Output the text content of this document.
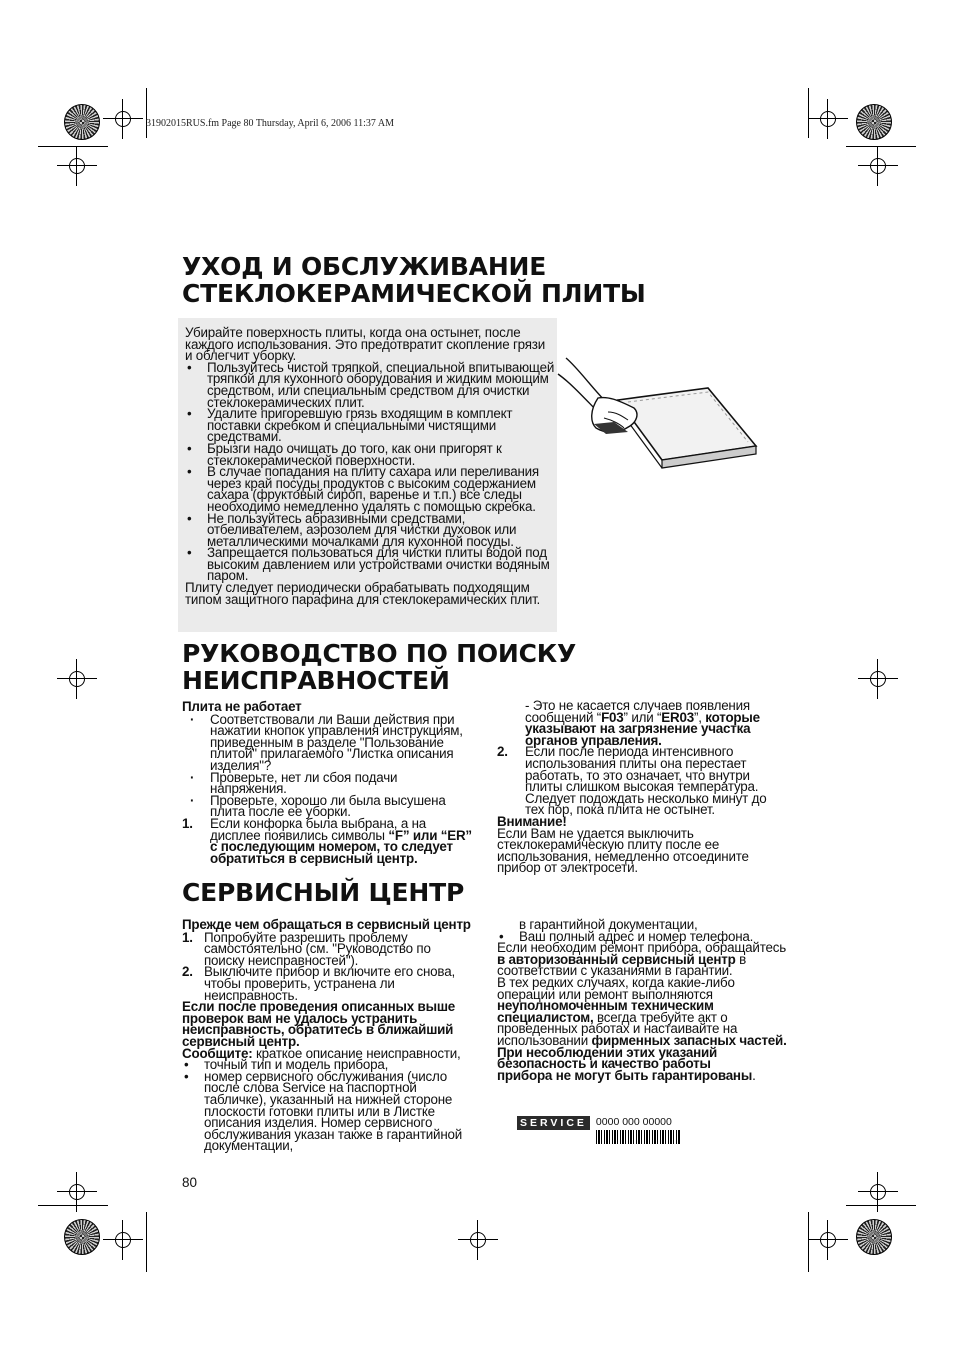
31902015RUS.fm Page 80 Thursday, April 6, 2006 11:37 AM
УХОД И ОБСЛУЖИВАНИЕ
СТЕКЛОКЕРАМИЧЕСКОЙ ПЛИТЫ

Убирайте поверхность плиты, когда она остынет, после каждого использования. Это предотвратит скопление грязи и облегчит уборку.

• Пользуйтесь чистой тряпкой, специальной впитывающей тряпкой для кухонного оборудования и жидким моющим средством, или специальным средством для очистки стеклокерамических плит.
• Удалите пригоревшую грязь входящим в комплект поставки скребком и специальными чистящими средствами.
• Брызги надо очищать до того, как они пригорят к стеклокерамической поверхности.
• В случае попадания на плиту сахара или переливания через край посуды продуктов с высоким содержанием сахара (фруктовый сироп, варенье и т.п.) все следы необходимо немедленно удалять с помощью скребка.
• Не пользуйтесь абразивными средствами, отбеливателем, аэрозолем для чистки духовок или металлическими мочалками для кухонной посуды.
• Запрещается пользоваться для чистки плиты водой под высоким давлением или устройствами очистки водяным паром.

Плиту следует периодически обрабатывать подходящим типом защитного парафина для стеклокерамических плит.

РУКОВОДСТВО ПО ПОИСКУ
НЕИСПРАВНОСТЕЙ

Плита не работает

· Соответствовали ли Ваши действия при нажатии кнопок управления инструкциям, приведенным в разделе "Пользование плитой" прилагаемого "Листка описания изделия"?
· Проверьте, нет ли сбоя подачи напряжения.
· Проверьте, хорошо ли была высушена плита после ее уборки.
1. Если конфорка была выбрана, а на дисплее появились символы “F” или “ER” с последующим номером, то следует обратиться в сервисный центр.

- Это не касается случаев появления сообщений “F03” или “ER03”, которые указывают на загрязнение участка органов управления.

2. Если после периода интенсивного использования плиты она перестает работать, то это означает, что внутри плиты слишком высокая температура. Следует подождать несколько минут до тех пор, пока плита не остынет.

Внимание!

Если Вам не удается выключить стеклокерамическую плиту после ее использования, немедленно отсоедините прибор от электросети.

СЕРВИСНЫЙ ЦЕНТР

Прежде чем обращаться в сервисный центр

1. Попробуйте разрешить проблему самостоятельно (см. "Руководство по поиску неисправностей").
2. Выключите прибор и включите его снова, чтобы проверить, устранена ли неисправность.

Если после проведения описанных выше проверок вам не удалось устранить неисправность, обратитесь в ближайший сервисный центр.

Сообщите: краткое описание неисправности,

• точный тип и модель прибора,
• номер сервисного обслуживания (число после слова Service на паспортной табличке), указанный на нижней стороне плоскости готовки плиты или в Листке описания изделия. Номер сервисного обслуживания указан также в гарантийной документации,

в гарантийной документации,

• Ваш полный адрес и номер телефона.

Если необходим ремонт прибора, обращайтесь в авторизованный сервисный центр в соответствии с указаниями в гарантии.

В тех редких случаях, когда какие-либо операции или ремонт выполняются неуполномоченным техническим специалистом, всегда требуйте акт о проведенных работах и настаивайте на использовании фирменных запасных частей.

При несоблюдении этих указаний безопасность и качество работы прибора не могут быть гарантированы.

SERVICE 0000 000 00000
80
